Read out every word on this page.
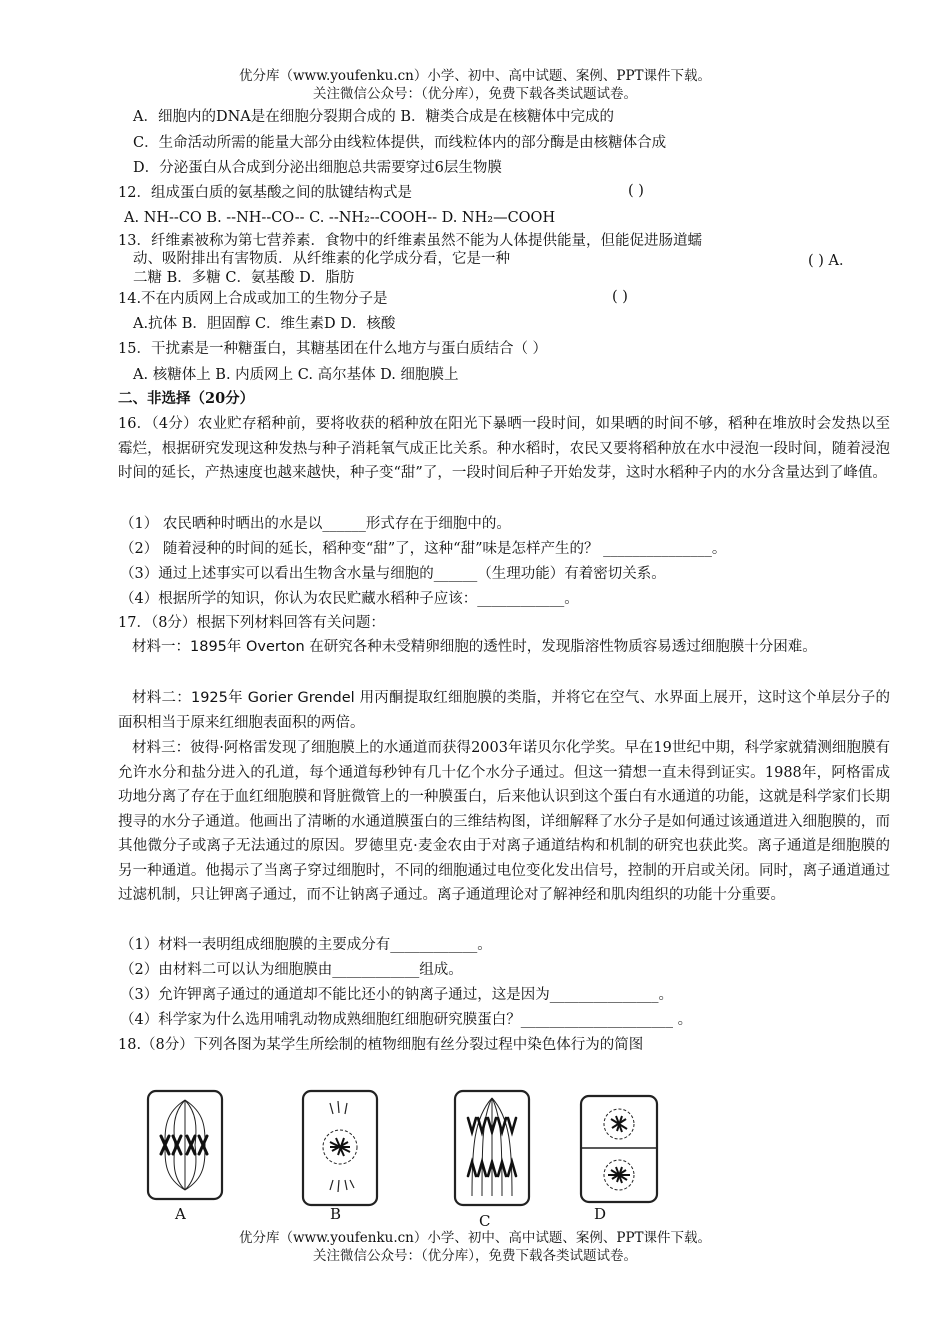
优分库（www.youfenku.cn）小学、初中、高中试题、案例、PPT课件下载。
关注微信公众号：（优分库），免费下载各类试题试卷。
A．细胞内的DNA是在细胞分裂期合成的 B．糖类合成是在核糖体中完成的
C．生命活动所需的能量大部分由线粒体提供，而线粒体内的部分酶是由核糖体合成
D．分泌蛋白从合成到分泌出细胞总共需要穿过6层生物膜
12．组成蛋白质的氨基酸之间的肽键结构式是	( )
A. NH--CO B. --NH--CO-- C. --NH₂--COOH-- D. NH₂—COOH
13．纤维素被称为第七营养素．食物中的纤维素虽然不能为人体提供能量，但能促进肠道蠕
动、吸附排出有害物质．从纤维素的化学成分看，它是一种	( ) A．
二糖 B．多糖 C．氨基酸 D．脂肪
14.不在内质网上合成或加工的生物分子是	( )
A.抗体 B．胆固醇 C．维生素D D．核酸
15．干扰素是一种糖蛋白，其糖基团在什么地方与蛋白质结合（ ）
A. 核糖体上 B. 内质网上 C. 高尔基体 D. 细胞膜上
二、非选择（20分）
16．（4分）农业贮存稻种前，要将收获的稻种放在阳光下暴晒一段时间，如果晒的时间不够，稻种在堆放时会发热以至霉烂，根据研究发现这种发热与种子消耗氧气成正比关系。种水稻时，农民又要将稻种放在水中浸泡一段时间，随着浸泡时间的延长，产热速度也越来越快，种子变“甜”了，一段时间后种子开始发芽，这时水稻种子内的水分含量达到了峰值。
（1） 农民晒种时晒出的水是以______形式存在于细胞中的。
（2） 随着浸种的时间的延长，稻种变“甜”了，这种“甜”味是怎样产生的？ _______________。
（3）通过上述事实可以看出生物含水量与细胞的______（生理功能）有着密切关系。
（4）根据所学的知识，你认为农民贮藏水稻种子应该：____________。
17．（8分）根据下列材料回答有关问题：
材料一：1895年 Overton 在研究各种未受精卵细胞的透性时，发现脂溶性物质容易透过细胞膜十分困难。
材料二：1925年 Gorier Grendel 用丙酮提取红细胞膜的类脂，并将它在空气、水界面上展开，这时这个单层分子的面积相当于原来红细胞表面积的两倍。
材料三：彼得·阿格雷发现了细胞膜上的水通道而获得2003年诺贝尔化学奖。早在19世纪中期，科学家就猜测细胞膜有允许水分和盐分进入的孔道，每个通道每秒钟有几十亿个水分子通过。但这一猜想一直未得到证实。1988年，阿格雷成功地分离了存在于血红细胞膜和肾脏微管上的一种膜蛋白，后来他认识到这个蛋白有水通道的功能，这就是科学家们长期搜寻的水分子通道。他画出了清晰的水通道膜蛋白的三维结构图，详细解释了水分子是如何通过该通道进入细胞膜的，而其他微分子或离子无法通过的原因。罗德里克·麦金农由于对离子通道结构和机制的研究也获此奖。离子通道是细胞膜的另一种通道。他揭示了当离子穿过细胞时，不同的细胞通过电位变化发出信号，控制的开启或关闭。同时，离子通道通过过滤机制，只让钾离子通过，而不让钠离子通过。离子通道理论对了解神经和肌肉组织的功能十分重要。
（1）材料一表明组成细胞膜的主要成分有____________。
（2）由材料二可以认为细胞膜由____________组成。
（3）允许钾离子通过的通道却不能比还小的钠离子通过，这是因为_______________。
（4）科学家为什么选用哺乳动物成熟细胞红细胞研究膜蛋白？_____________________ 。
18.（8分）下列各图为某学生所绘制的植物细胞有丝分裂过程中染色体行为的简图
A	B	C	D
优分库（www.youfenku.cn）小学、初中、高中试题、案例、PPT课件下载。
关注微信公众号：（优分库），免费下载各类试题试卷。
